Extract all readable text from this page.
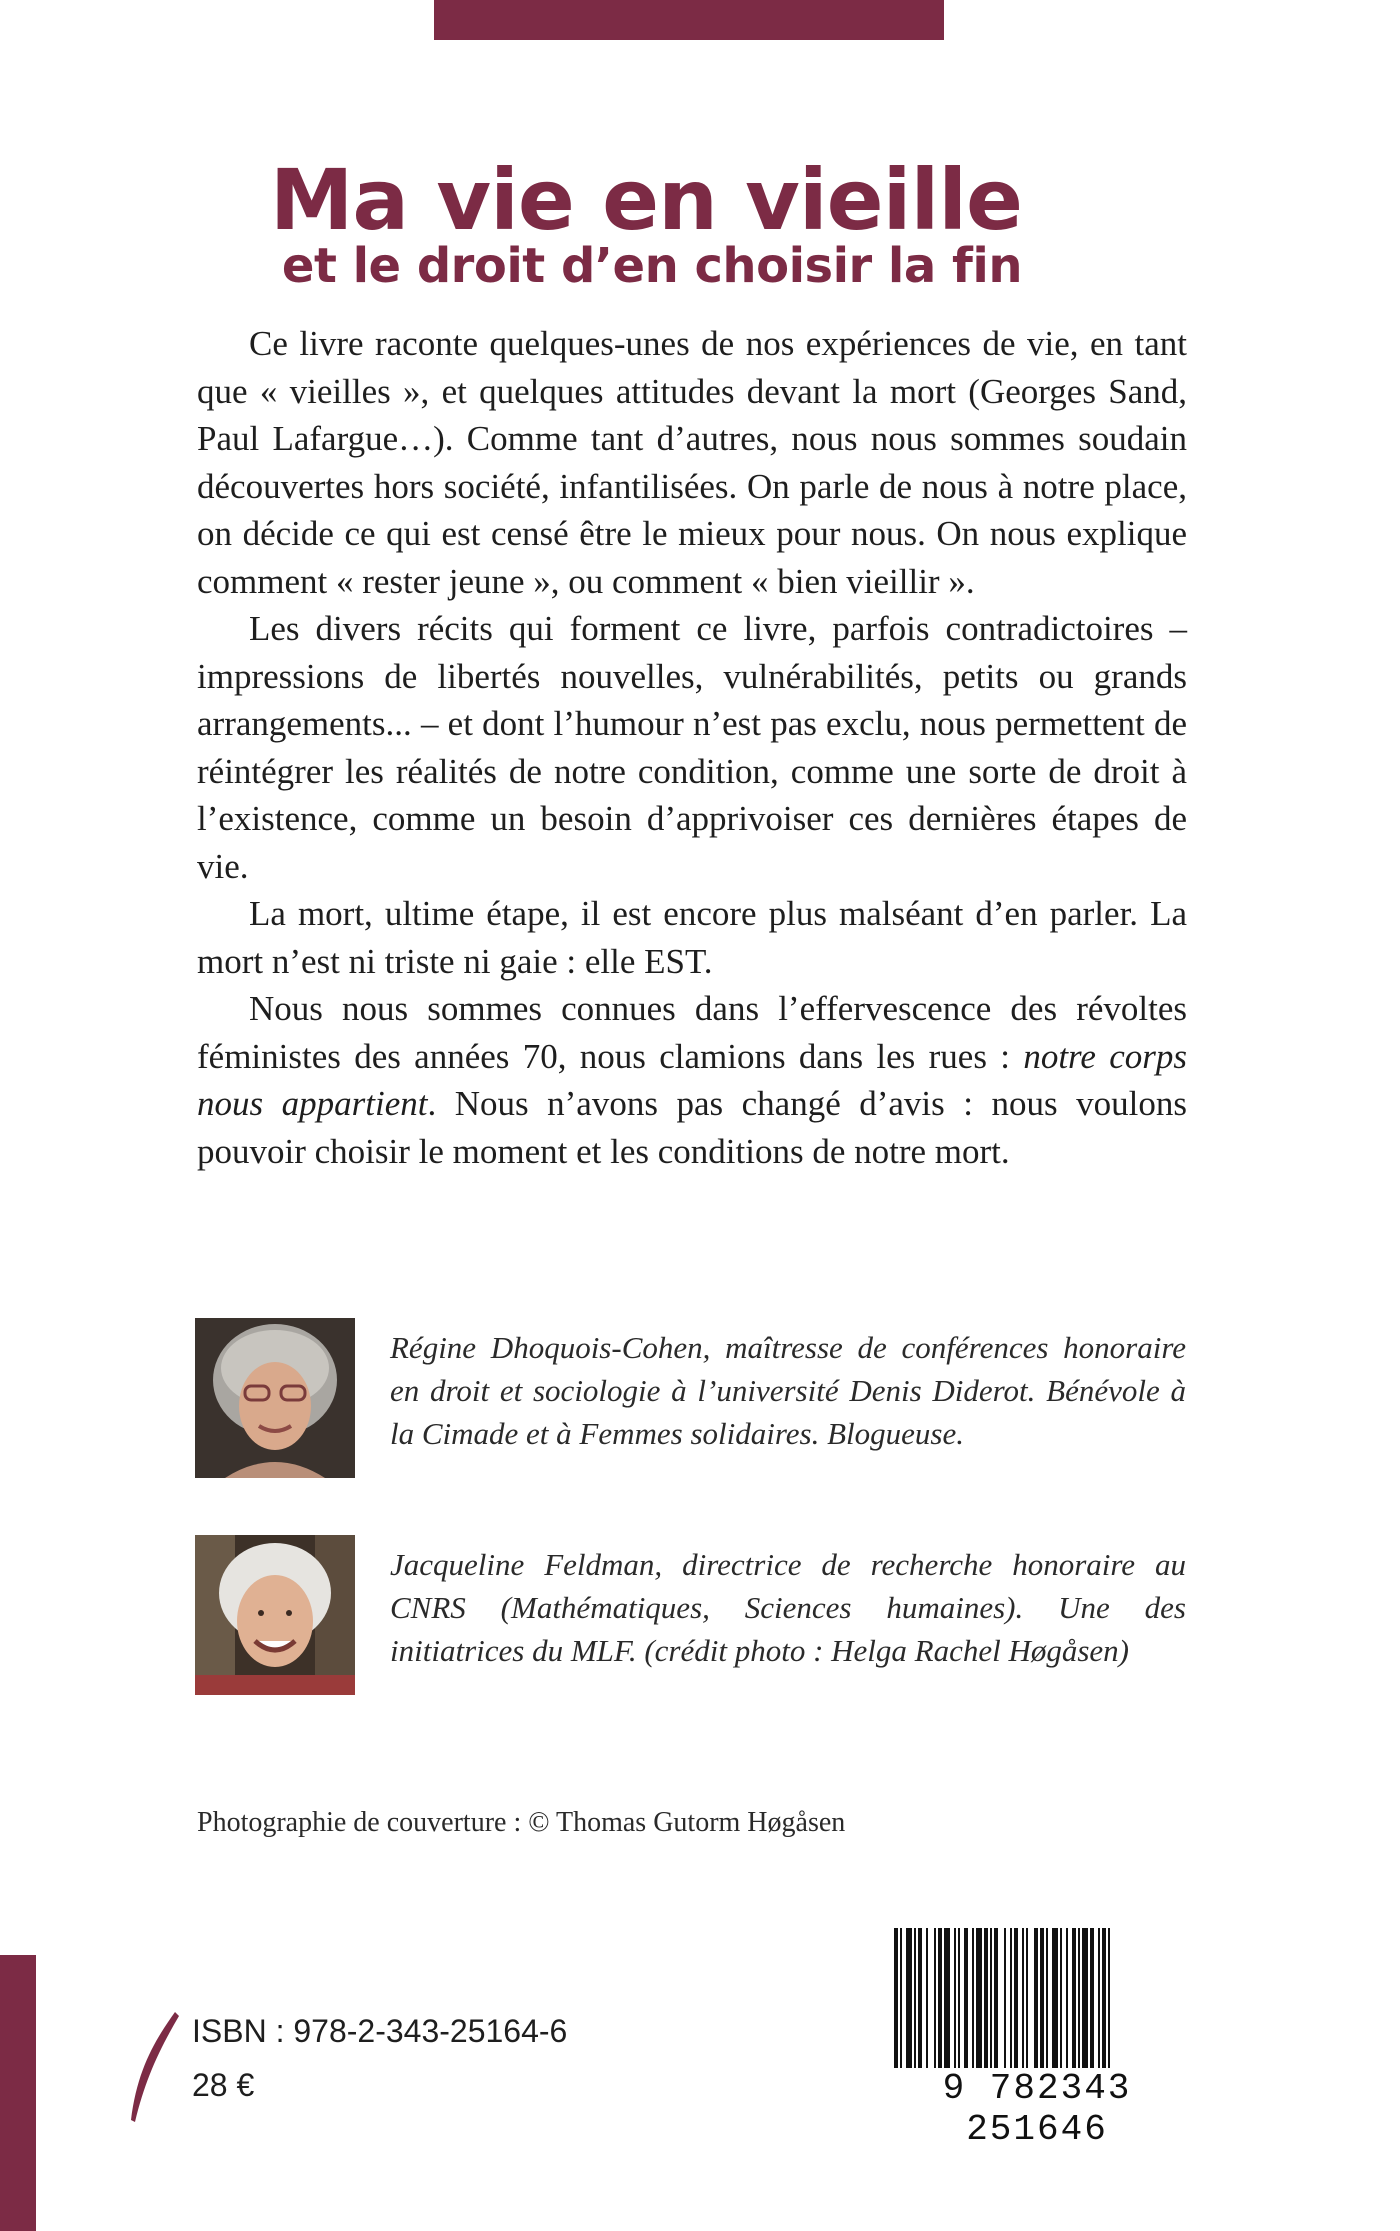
Ma vie en vieille
et le droit d’en choisir la fin

Ce livre raconte quelques-unes de nos expériences de vie, en tant que « vieilles », et quelques attitudes devant la mort (Georges Sand, Paul Lafargue…). Comme tant d’autres, nous nous sommes soudain découvertes hors société, infantilisées. On parle de nous à notre place, on décide ce qui est censé être le mieux pour nous. On nous explique comment « rester jeune », ou comment « bien vieillir ».

Les divers récits qui forment ce livre, parfois contradictoires – impressions de libertés nouvelles, vulnérabilités, petits ou grands arrangements... – et dont l’humour n’est pas exclu, nous permettent de réintégrer les réalités de notre condition, comme une sorte de droit à l’existence, comme un besoin d’apprivoiser ces dernières étapes de vie.

La mort, ultime étape, il est encore plus malséant d’en parler. La mort n’est ni triste ni gaie : elle EST.

Nous nous sommes connues dans l’effervescence des révoltes féministes des années 70, nous clamions dans les rues : notre corps nous appartient. Nous n’avons pas changé d’avis : nous voulons pouvoir choisir le moment et les conditions de notre mort.

Régine Dhoquois-Cohen, maîtresse de conférences honoraire en droit et sociologie à l’université Denis Diderot. Bénévole à la Cimade et à Femmes solidaires. Blogueuse.

Jacqueline Feldman, directrice de recherche honoraire au CNRS (Mathématiques, Sciences humaines). Une des initiatrices du MLF. (crédit photo : Helga Rachel Høgåsen)

Photographie de couverture : © Thomas Gutorm Høgåsen

ISBN : 978-2-343-25164-6

28 €	9 782343 251646
